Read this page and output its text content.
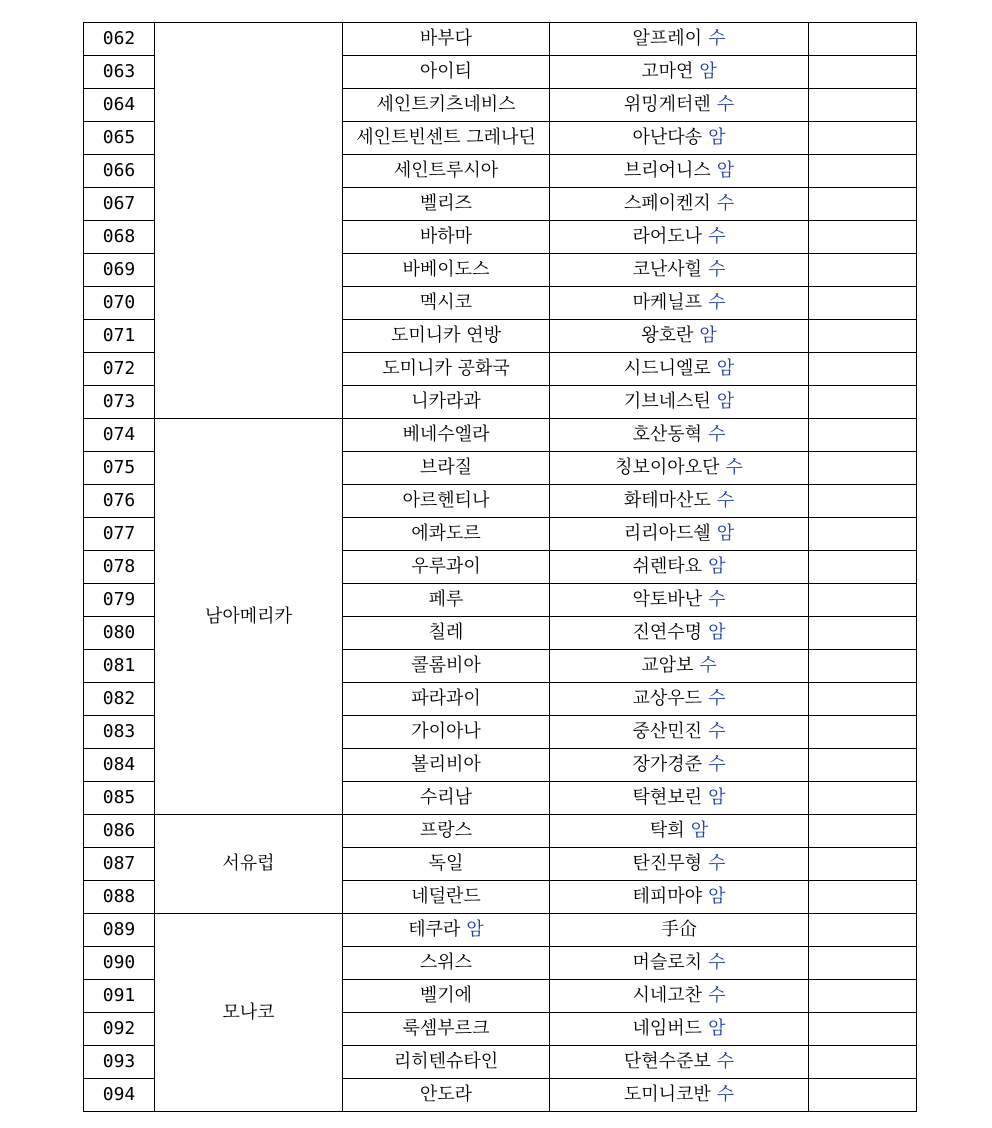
062		바부다	알프레이 수	
063		아이티	고마연 암	
064		세인트키츠네비스	위밍게터렌 수	
065		세인트빈센트 그레나딘	아난다송 암	
066		세인트루시아	브리어니스 암	
067		벨리즈	스페이켄지 수	
068		바하마	라어도나 수	
069		바베이도스	코난사힐 수	
070		멕시코	마케닐프 수	
071		도미니카 연방	왕호란 암	
072		도미니카 공화국	시드니엘로 암	
073		니카라과	기브네스틴 암	
074	남아메리카	베네수엘라	호산동혁 수	
075		브라질	칭보이아오단 수	
076		아르헨티나	화테마산도 수	
077		에콰도르	리리아드쉘 암	
078		우루과이	쉬렌타요 암	
079		페루	악토바난 수	
080		칠레	진연수명 암	
081		콜롬비아	교암보 수	
082		파라과이	교상우드 수	
083		가이아나	중산민진 수	
084		볼리비아	장가경준 수	
085		수리남	탁현보린 암	
086	서유럽	프랑스	탁희 암	
087		독일	탄진무형 수	
088		네덜란드	테피마야 암	
089	모나코	테쿠라 암	手仚	
090		스위스	머슬로치 수	
091		벨기에	시네고찬 수	
092		룩셈부르크	네임버드 암	
093		리히텐슈타인	단현수준보 수	
094		안도라	도미니코반 수	
